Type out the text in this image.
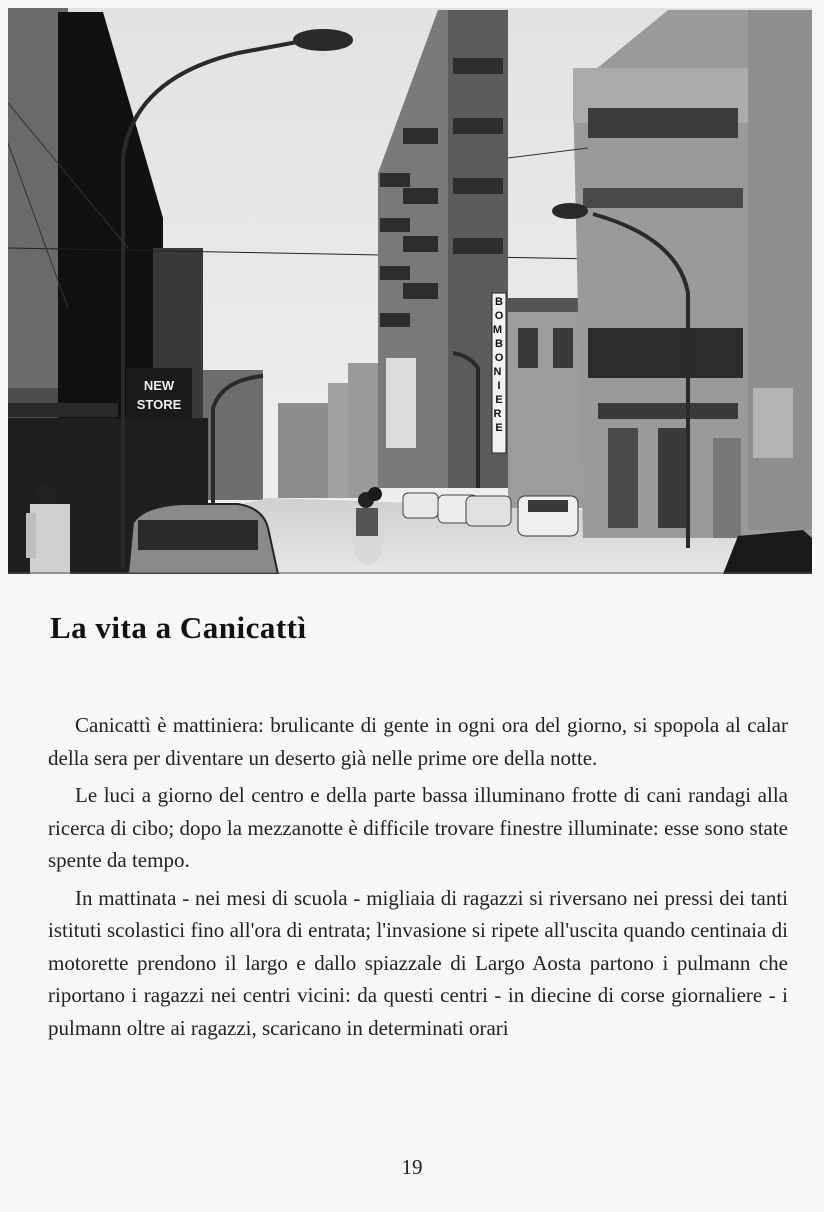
NEW
STORE
B O M B O N I E R E
La vita a Canicattì

Canicattì è mattiniera: brulicante di gente in ogni ora del giorno, si spopola al calar della sera per diventare un deserto già nelle prime ore della notte.

Le luci a giorno del centro e della parte bassa illuminano frotte di cani randagi alla ricerca di cibo; dopo la mezzanotte è difficile trovare finestre illuminate: esse sono state spente da tempo.

In mattinata - nei mesi di scuola - migliaia di ragazzi si riversano nei pressi dei tanti istituti scolastici fino all'ora di entrata; l'invasione si ripete all'uscita quando centinaia di motorette prendono il largo e dallo spiazzale di Largo Aosta partono i pulmann che riportano i ragazzi nei centri vicini: da questi centri - in diecine di corse giornaliere - i pulmann oltre ai ragazzi, scaricano in determinati orari

19
